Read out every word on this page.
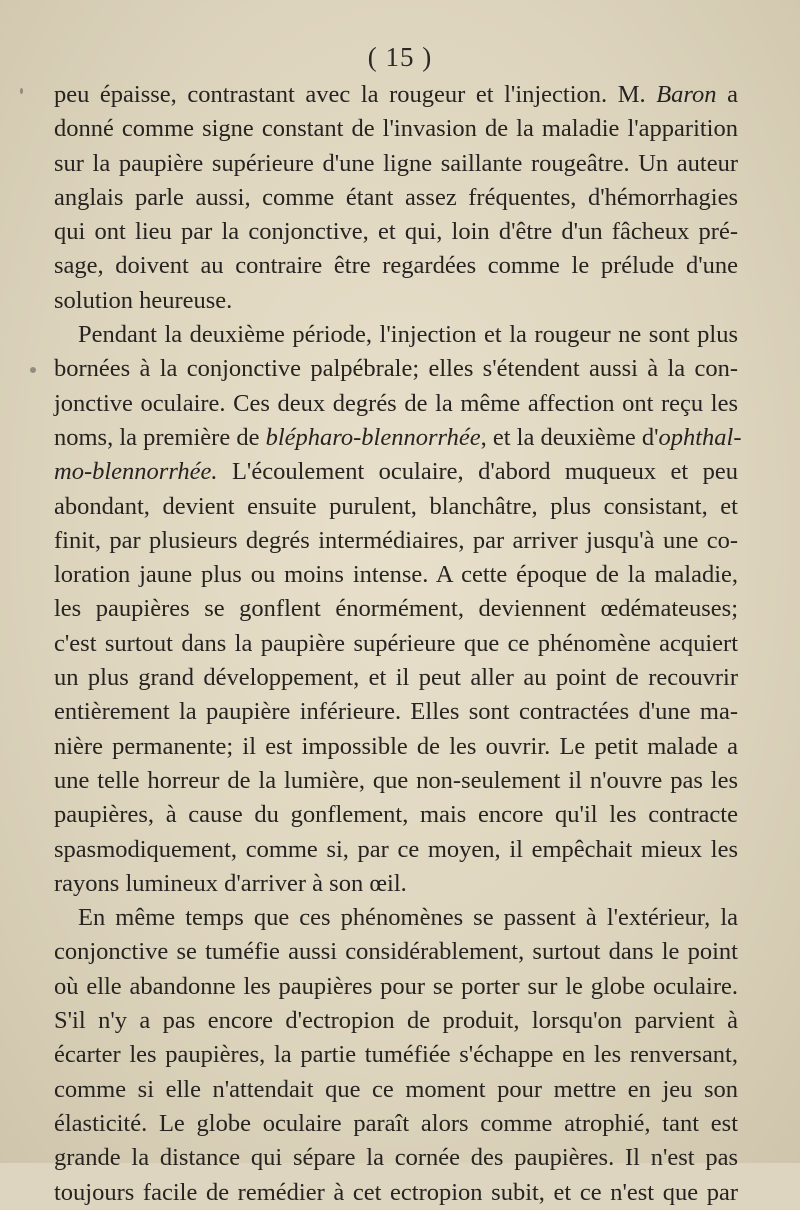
( 15 )
peu épaisse, contrastant avec la rougeur et l'injection. M. Baron a
donné comme signe constant de l'invasion de la maladie l'apparition
sur la paupière supérieure d'une ligne saillante rougeâtre. Un auteur
anglais parle aussi, comme étant assez fréquentes, d'hémorrhagies
qui ont lieu par la conjonctive, et qui, loin d'être d'un fâcheux pré-
sage, doivent au contraire être regardées comme le prélude d'une
solution heureuse.
Pendant la deuxième période, l'injection et la rougeur ne sont plus
bornées à la conjonctive palpébrale; elles s'étendent aussi à la con-
jonctive oculaire. Ces deux degrés de la même affection ont reçu les
noms, la première de blépharo-blennorrhée, et la deuxième d'ophthal-
mo-blennorrhée. L'écoulement oculaire, d'abord muqueux et peu
abondant, devient ensuite purulent, blanchâtre, plus consistant, et
finit, par plusieurs degrés intermédiaires, par arriver jusqu'à une co-
loration jaune plus ou moins intense. A cette époque de la maladie,
les paupières se gonflent énormément, deviennent œdémateuses;
c'est surtout dans la paupière supérieure que ce phénomène acquiert
un plus grand développement, et il peut aller au point de recouvrir
entièrement la paupière inférieure. Elles sont contractées d'une ma-
nière permanente; il est impossible de les ouvrir. Le petit malade a
une telle horreur de la lumière, que non-seulement il n'ouvre pas les
paupières, à cause du gonflement, mais encore qu'il les contracte
spasmodiquement, comme si, par ce moyen, il empêchait mieux les
rayons lumineux d'arriver à son œil.
En même temps que ces phénomènes se passent à l'extérieur, la
conjonctive se tuméfie aussi considérablement, surtout dans le point
où elle abandonne les paupières pour se porter sur le globe oculaire.
S'il n'y a pas encore d'ectropion de produit, lorsqu'on parvient à
écarter les paupières, la partie tuméfiée s'échappe en les renversant,
comme si elle n'attendait que ce moment pour mettre en jeu son
élasticité. Le globe oculaire paraît alors comme atrophié, tant est
grande la distance qui sépare la cornée des paupières. Il n'est pas
toujours facile de remédier à cet ectropion subit, et ce n'est que par
